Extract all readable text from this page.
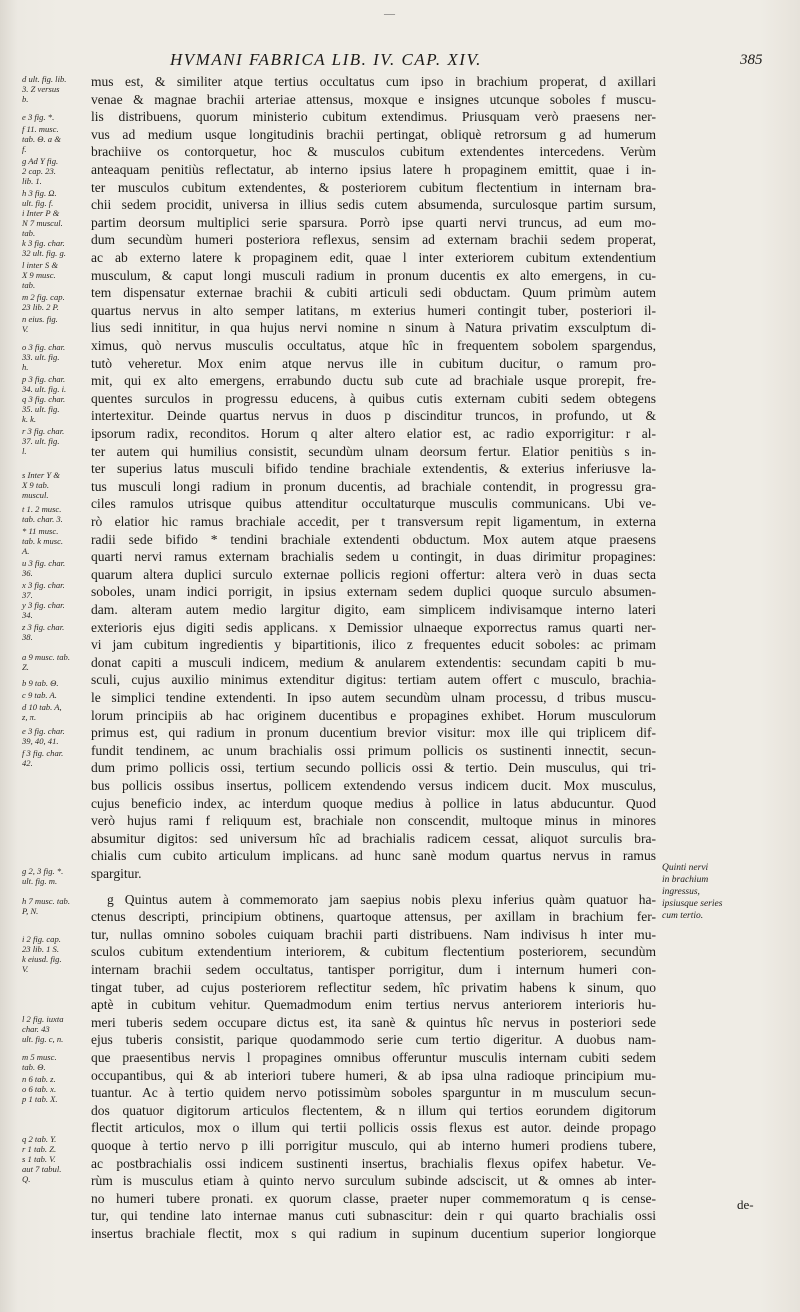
—
HVMANI FABRICA LIB. IV. CAP. XIV.	385
d ult. fig. lib.
3. Z versus
b.
e 3 fig. *.
f 11. musc.
tab. Θ. a &
f.
g Ad Y fig.
2 cap. 23.
lib. 1.
h 3 fig. Ω.
ult. fig. f.
i Inter P &
N 7 muscul.
tab.
k 3 fig. char.
32 ult. fig. g.
l inter S &
X 9 musc.
tab.
m 2 fig. cap.
23 lib. 2 P.
n eius. fig.
V.
o 3 fig. char.
33. ult. fig.
h.
p 3 fig. char.
34. ult. fig. i.
q 3 fig. char.
35. ult. fig.
k. k.
r 3 fig. char.
37. ult. fig.
l.
s Inter Y &
X 9 tab.
muscul.
t 1. 2 musc.
tab. char. 3.
* 11 musc.
tab. k musc.
A.
u 3 fig. char.
36.
x 3 fig. char.
37.
y 3 fig. char.
34.
z 3 fig. char.
38.
a 9 musc. tab.
Z.
b 9 tab. Θ.
c 9 tab. A.
d 10 tab. A,
z, π.
e 3 fig. char.
39, 40, 41.
f 3 fig. char.
42.
g 2, 3 fig. *.
ult. fig. m.
h 7 musc. tab.
P, N.
i 2 fig. cap.
23 lib. 1 S.
k eiusd. fig.
V.
l 2 fig. iuxta
char. 43
ult. fig. c, n.
m 5 musc.
tab. Θ.
n 6 tab. z.
o 6 tab. x.
p 1 tab. X.
q 2 tab. Y.
r 1 tab. Z.
s 1 tab. V.
aut 7 tabul.
Q.
mus est, & similiter atque tertius occultatus cum ipso in brachium properat, d axillari
venae & magnae brachii arteriae attensus, moxque e insignes utcunque soboles f muscu-
lis distribuens, quorum ministerio cubitum extendimus. Priusquam verò praesens ner-
vus ad medium usque longitudinis brachii pertingat, obliquè retrorsum g ad humerum
brachiive os contorquetur, hoc & musculos cubitum extendentes intercedens. Verùm
anteaquam penitiùs reflectatur, ab interno ipsius latere h propaginem emittit, quae i in-
ter musculos cubitum extendentes, & posteriorem cubitum flectentium in internam bra-
chii sedem procidit, universa in illius sedis cutem absumenda, surculosque partim sursum,
partim deorsum multiplici serie sparsura. Porrò ipse quarti nervi truncus, ad eum mo-
dum secundùm humeri posteriora reflexus, sensim ad externam brachii sedem properat,
ac ab externo latere k propaginem edit, quae l inter exteriorem cubitum extendentium
musculum, & caput longi musculi radium in pronum ducentis ex alto emergens, in cu-
tem dispensatur externae brachii & cubiti articuli sedi obductam. Quum primùm autem
quartus nervus in alto semper latitans, m exterius humeri contingit tuber, posteriori il-
lius sedi innititur, in qua hujus nervi nomine n sinum à Natura privatim exsculptum di-
ximus, quò nervus musculis occultatus, atque hîc in frequentem sobolem spargendus,
tutò veheretur. Mox enim atque nervus ille in cubitum ducitur, o ramum pro-
mit, qui ex alto emergens, errabundo ductu sub cute ad brachiale usque prorepit, fre-
quentes surculos in progressu educens, à quibus cutis externam cubiti sedem obtegens
intertexitur. Deinde quartus nervus in duos p discinditur truncos, in profundo, ut &
ipsorum radix, reconditos. Horum q alter altero elatior est, ac radio exporrigitur: r al-
ter autem qui humilius consistit, secundùm ulnam deorsum fertur. Elatior penitiùs s in-
ter superius latus musculi bifido tendine brachiale extendentis, & exterius inferiusve la-
tus musculi longi radium in pronum ducentis, ad brachiale contendit, in progressu gra-
ciles ramulos utrisque quibus attenditur occultaturque musculis communicans. Ubi ve-
rò elatior hic ramus brachiale accedit, per t transversum repit ligamentum, in externa
radii sede bifido * tendini brachiale extendenti obductum. Mox autem atque praesens
quarti nervi ramus externam brachialis sedem u contingit, in duas dirimitur propagines:
quarum altera duplici surculo externae pollicis regioni offertur: altera verò in duas secta
soboles, unam indici porrigit, in ipsius externam sedem duplici quoque surculo absumen-
dam. alteram autem medio largitur digito, eam simplicem indivisamque interno lateri
exterioris ejus digiti sedis applicans. x Demissior ulnaeque exporrectus ramus quarti ner-
vi jam cubitum ingredientis y bipartitionis, ilico z frequentes educit soboles: ac primam
donat capiti a musculi indicem, medium & anularem extendentis: secundam capiti b mu-
sculi, cujus auxilio minimus extenditur digitus: tertiam autem offert c musculo, brachia-
le simplici tendine extendenti. In ipso autem secundùm ulnam processu, d tribus muscu-
lorum principiis ab hac originem ducentibus e propagines exhibet. Horum musculorum
primus est, qui radium in pronum ducentium brevior visitur: mox ille qui triplicem dif-
fundit tendinem, ac unum brachialis ossi primum pollicis os sustinenti innectit, secun-
dum primo pollicis ossi, tertium secundo pollicis ossi & tertio. Dein musculus, qui tri-
bus pollicis ossibus insertus, pollicem extendendo versus indicem ducit. Mox musculus,
cujus beneficio index, ac interdum quoque medius à pollice in latus abducuntur. Quod
verò hujus rami f reliquum est, brachiale non conscendit, multoque minus in minores
absumitur digitos: sed universum hîc ad brachialis radicem cessat, aliquot surculis bra-
chialis cum cubito articulum implicans. ad hunc sanè modum quartus nervus in ramus
spargitur.
g Quintus autem à commemorato jam saepius nobis plexu inferius quàm quatuor ha-
ctenus descripti, principium obtinens, quartoque attensus, per axillam in brachium fer-
tur, nullas omnino soboles cuiquam brachii parti distribuens. Nam indivisus h inter mu-
sculos cubitum extendentium interiorem, & cubitum flectentium posteriorem, secundùm
internam brachii sedem occultatus, tantisper porrigitur, dum i internum humeri con-
tingat tuber, ad cujus posteriorem reflectitur sedem, hîc privatim habens k sinum, quo
aptè in cubitum vehitur. Quemadmodum enim tertius nervus anteriorem interioris hu-
meri tuberis sedem occupare dictus est, ita sanè & quintus hîc nervus in posteriori sede
ejus tuberis consistit, parique quodammodo serie cum tertio digeritur. A duobus nam-
que praesentibus nervis l propagines omnibus offeruntur musculis internam cubiti sedem
occupantibus, qui & ab interiori tubere humeri, & ab ipsa ulna radioque principium mu-
tuantur. Ac à tertio quidem nervo potissimùm soboles sparguntur in m musculum secun-
dos quatuor digitorum articulos flectentem, & n illum qui tertios eorundem digitorum
flectit articulos, mox o illum qui tertii pollicis ossis flexus est autor. deinde propago
quoque à tertio nervo p illi porrigitur musculo, qui ab interno humeri prodiens tubere,
ac postbrachialis ossi indicem sustinenti insertus, brachialis flexus opifex habetur. Ve-
rùm is musculus etiam à quinto nervo surculum subinde adsciscit, ut & omnes ab inter-
no humeri tubere pronati. ex quorum classe, praeter nuper commemoratum q is cense-
tur, qui tendine lato internae manus cuti subnascitur: dein r qui quarto brachialis ossi
insertus brachiale flectit, mox s qui radium in supinum ducentium superior longiorque
Quinti nervi
in brachium
ingressus,
ipsiusque series
cum tertio.
de-
